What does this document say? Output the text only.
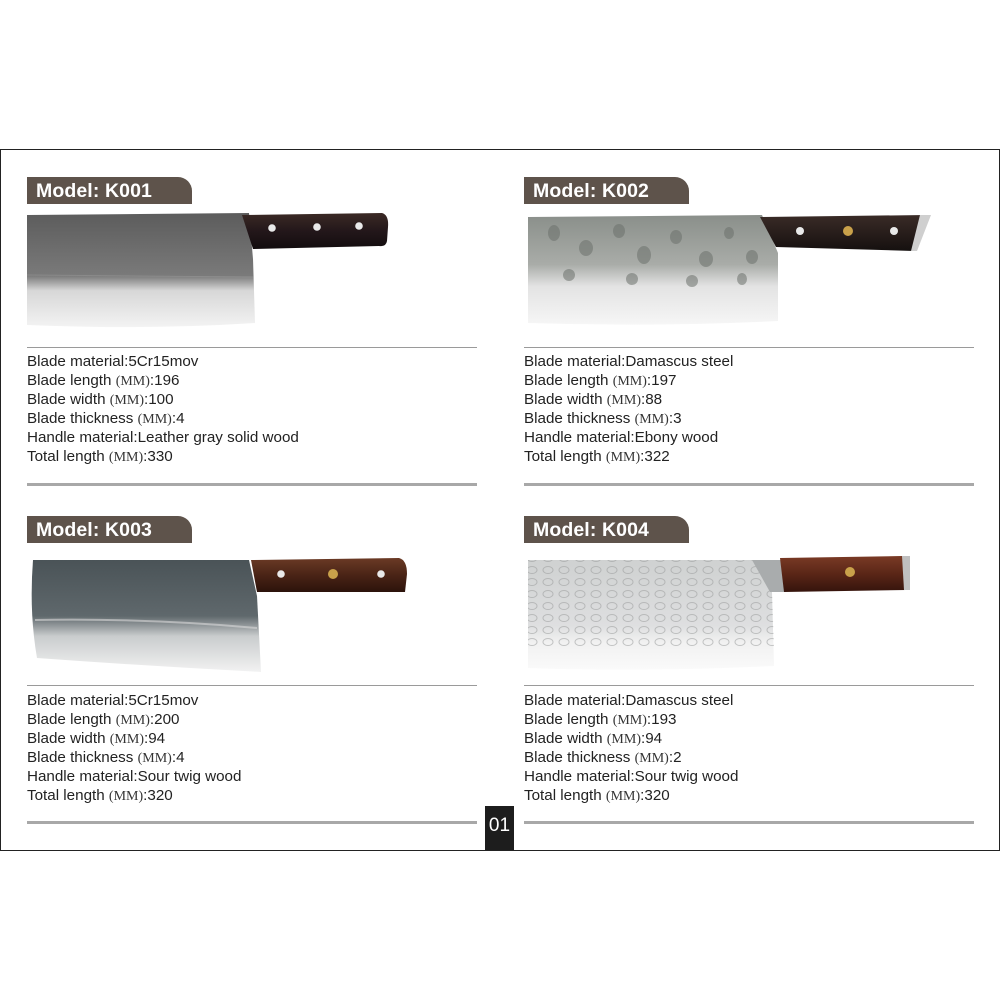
Model: K001
Blade material:5Cr15mov
Blade length (MM):196
Blade width (MM):100
Blade thickness (MM):4
Handle material:Leather gray solid wood
Total length (MM):330
Model: K002
Blade material:Damascus steel
Blade length (MM):197
Blade width (MM):88
Blade thickness (MM):3
Handle material:Ebony wood
Total length (MM):322
Model: K003
Blade material:5Cr15mov
Blade length (MM):200
Blade width (MM):94
Blade thickness (MM):4
Handle material:Sour twig wood
Total length (MM):320
Model: K004
Blade material:Damascus steel
Blade length (MM):193
Blade width (MM):94
Blade thickness (MM):2
Handle material:Sour twig wood
Total length (MM):320
01
